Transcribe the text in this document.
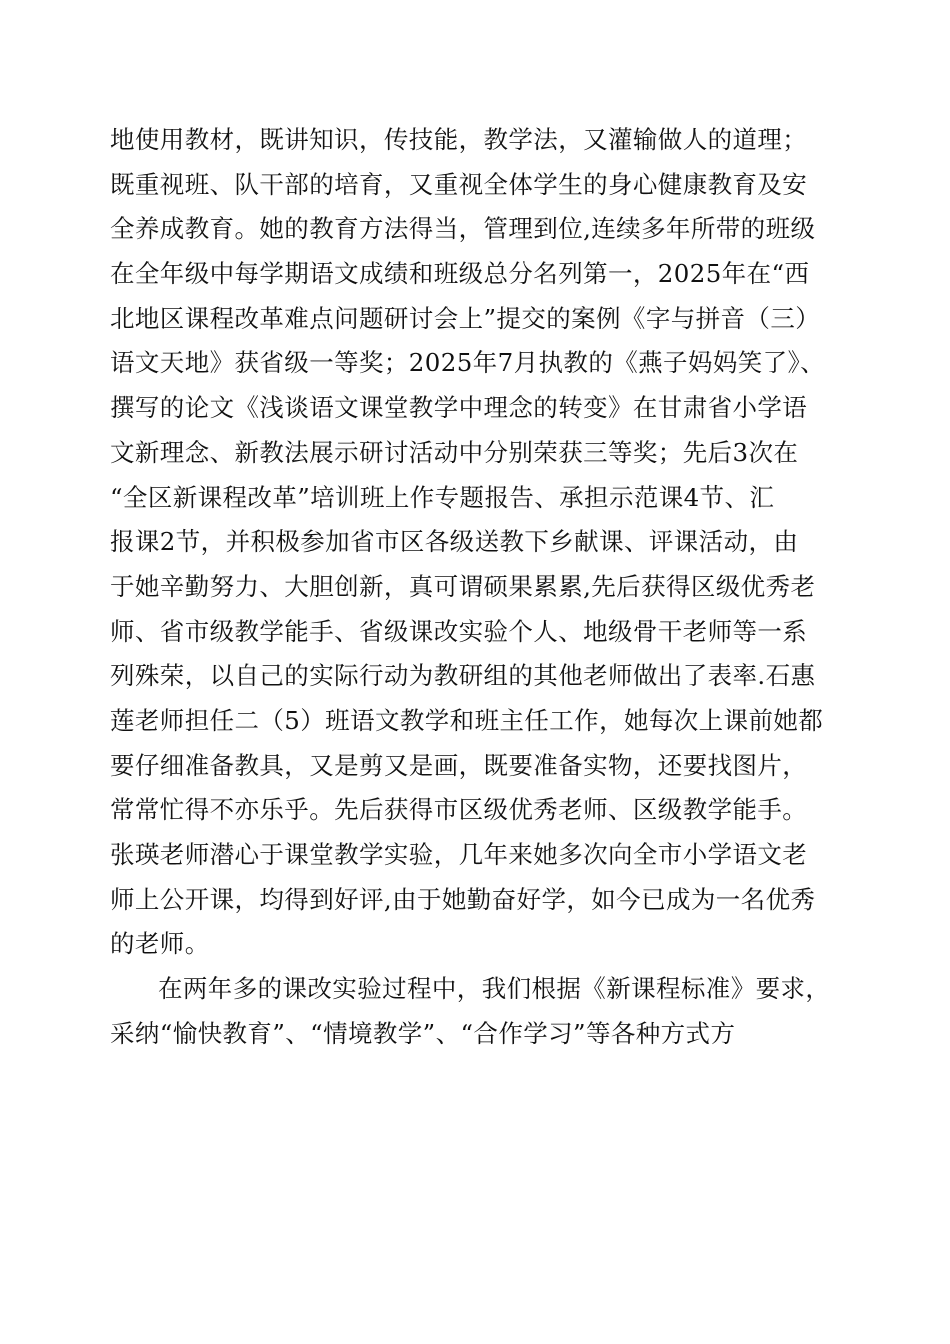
地使用教材，既讲知识，传技能，教学法，又灌输做人的道理；
既重视班、队干部的培育，又重视全体学生的身心健康教育及安
全养成教育。她的教育方法得当，管理到位,连续多年所带的班级
在全年级中每学期语文成绩和班级总分名列第一，2025年在“西
北地区课程改革难点问题研讨会上”提交的案例《字与拼音（三）
语文天地》获省级一等奖；2025年7月执教的《燕子妈妈笑了》、
撰写的论文《浅谈语文课堂教学中理念的转变》在甘肃省小学语
文新理念、新教法展示研讨活动中分别荣获三等奖；先后3次在
“全区新课程改革”培训班上作专题报告、承担示范课4节、汇
报课2节，并积极参加省市区各级送教下乡献课、评课活动，由
于她辛勤努力、大胆创新，真可谓硕果累累,先后获得区级优秀老
师、省市级教学能手、省级课改实验个人、地级骨干老师等一系
列殊荣，以自己的实际行动为教研组的其他老师做出了表率.石惠
莲老师担任二（5）班语文教学和班主任工作，她每次上课前她都
要仔细准备教具，又是剪又是画，既要准备实物，还要找图片，
常常忙得不亦乐乎。先后获得市区级优秀老师、区级教学能手。
张瑛老师潜心于课堂教学实验，几年来她多次向全市小学语文老
师上公开课，均得到好评,由于她勤奋好学，如今已成为一名优秀
的老师。
在两年多的课改实验过程中，我们根据《新课程标准》要求，
采纳“愉快教育”、“情境教学”、“合作学习”等各种方式方
